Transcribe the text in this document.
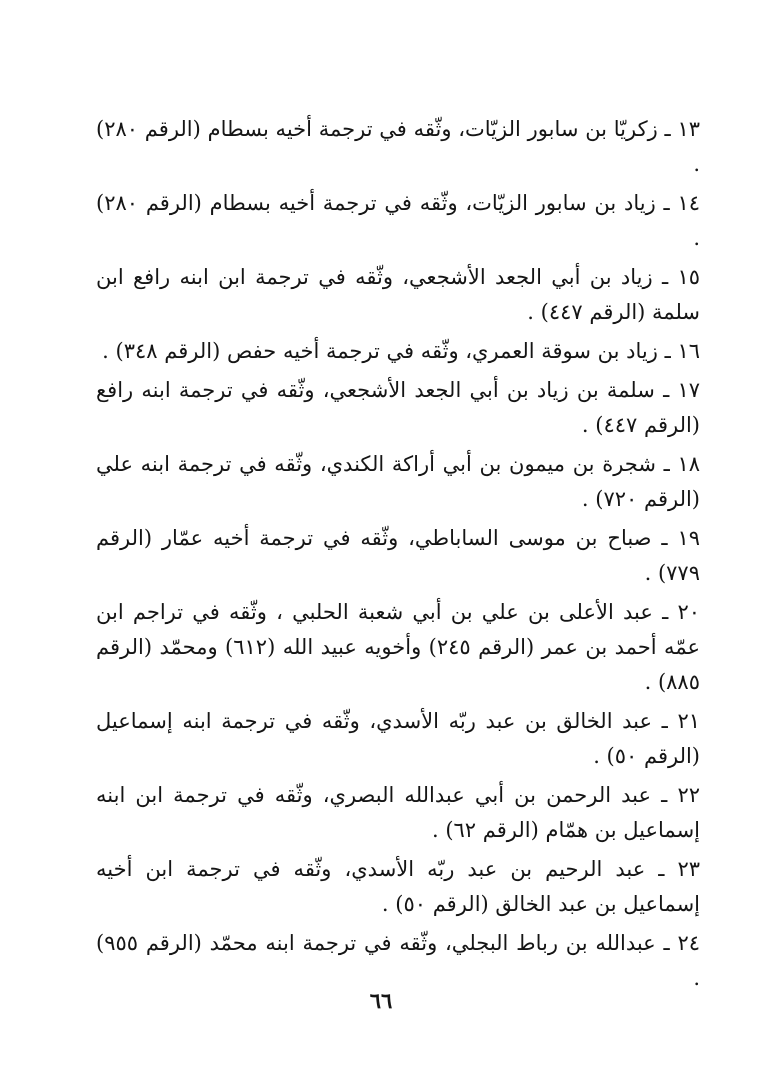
١٣ ـ زكريّا بن سابور الزيّات، وثّقه في ترجمة أخيه بسطام (الرقم ٢٨٠) .

١٤ ـ زياد بن سابور الزيّات، وثّقه في ترجمة أخيه بسطام (الرقم ٢٨٠) .

١٥ ـ زياد بن أبي الجعد الأشجعي، وثّقه في ترجمة ابن ابنه رافع ابن سلمة (الرقم ٤٤٧) .

١٦ ـ زياد بن سوقة العمري، وثّقه في ترجمة أخيه حفص (الرقم ٣٤٨) .

١٧ ـ سلمة بن زياد بن أبي الجعد الأشجعي، وثّقه في ترجمة ابنه رافع (الرقم ٤٤٧) .

١٨ ـ شجرة بن ميمون بن أبي أراكة الكندي، وثّقه في ترجمة ابنه علي (الرقم ٧٢٠) .

١٩ ـ صباح بن موسى الساباطي، وثّقه في ترجمة أخيه عمّار (الرقم ٧٧٩) .

٢٠ ـ عبد الأعلى بن علي بن أبي شعبة الحلبي ، وثّقه في تراجم ابن عمّه أحمد بن عمر (الرقم ٢٤٥) وأخويه عبيد الله (٦١٢) ومحمّد (الرقم ٨٨٥) .

٢١ ـ عبد الخالق بن عبد ربّه الأسدي، وثّقه في ترجمة ابنه إسماعيل (الرقم ٥٠) .

٢٢ ـ عبد الرحمن بن أبي عبدالله البصري، وثّقه في ترجمة ابن ابنه إسماعيل بن همّام (الرقم ٦٢) .

٢٣ ـ عبد الرحيم بن عبد ربّه الأسدي، وثّقه في ترجمة ابن أخيه إسماعيل بن عبد الخالق (الرقم ٥٠) .

٢٤ ـ عبدالله بن رباط البجلي، وثّقه في ترجمة ابنه محمّد (الرقم ٩٥٥) .

٦٦
